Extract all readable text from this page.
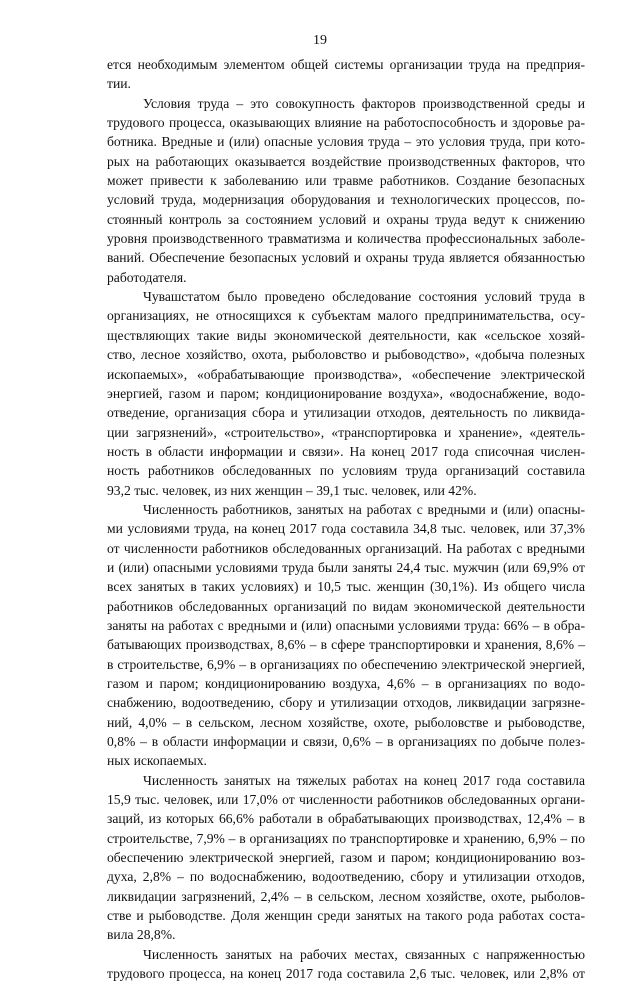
19
ется необходимым элементом общей системы организации труда на предприя-
тии.
Условия труда – это совокупность факторов производственной среды и
трудового процесса, оказывающих влияние на работоспособность и здоровье ра-
ботника. Вредные и (или) опасные условия труда – это условия труда, при кото-
рых на работающих оказывается воздействие производственных факторов, что
может привести к заболеванию или травме работников. Создание безопасных
условий труда, модернизация оборудования и технологических процессов, по-
стоянный контроль за состоянием условий и охраны труда ведут к снижению
уровня производственного травматизма и количества профессиональных заболе-
ваний. Обеспечение безопасных условий и охраны труда является обязанностью
работодателя.
Чувашстатом было проведено обследование состояния условий труда в
организациях, не относящихся к субъектам малого предпринимательства, осу-
ществляющих такие виды экономической деятельности, как «сельское хозяй-
ство, лесное хозяйство, охота, рыболовство и рыбоводство», «добыча полезных
ископаемых», «обрабатывающие производства», «обеспечение электрической
энергией, газом и паром; кондиционирование воздуха», «водоснабжение, водо-
отведение, организация сбора и утилизации отходов, деятельность по ликвида-
ции загрязнений», «строительство», «транспортировка и хранение», «деятель-
ность в области информации и связи». На конец 2017 года списочная числен-
ность работников обследованных по условиям труда организаций составила
93,2 тыс. человек, из них женщин – 39,1 тыс. человек, или 42%.
Численность работников, занятых на работах с вредными и (или) опасны-
ми условиями труда, на конец 2017 года составила 34,8 тыс. человек, или 37,3%
от численности работников обследованных организаций. На работах с вредными
и (или) опасными условиями труда были заняты 24,4 тыс. мужчин (или 69,9% от
всех занятых в таких условиях) и 10,5 тыс. женщин (30,1%). Из общего числа
работников обследованных организаций по видам экономической деятельности
заняты на работах с вредными и (или) опасными условиями труда: 66% – в обра-
батывающих производствах, 8,6% – в сфере транспортировки и хранения, 8,6% –
в строительстве, 6,9% – в организациях по обеспечению электрической энергией,
газом и паром; кондиционированию воздуха, 4,6% – в организациях по водо-
снабжению, водоотведению, сбору и утилизации отходов, ликвидации загрязне-
ний, 4,0% – в сельском, лесном хозяйстве, охоте, рыболовстве и рыбоводстве,
0,8% – в области информации и связи, 0,6% – в организациях по добыче полез-
ных ископаемых.
Численность занятых на тяжелых работах на конец 2017 года составила
15,9 тыс. человек, или 17,0% от численности работников обследованных органи-
заций, из которых 66,6% работали в обрабатывающих производствах, 12,4% – в
строительстве, 7,9% – в организациях по транспортировке и хранению, 6,9% – по
обеспечению электрической энергией, газом и паром; кондиционированию воз-
духа, 2,8% – по водоснабжению, водоотведению, сбору и утилизации отходов,
ликвидации загрязнений, 2,4% – в сельском, лесном хозяйстве, охоте, рыболов-
стве и рыбоводстве. Доля женщин среди занятых на такого рода работах соста-
вила 28,8%.
Численность занятых на рабочих местах, связанных с напряженностью
трудового процесса, на конец 2017 года составила 2,6 тыс. человек, или 2,8% от
